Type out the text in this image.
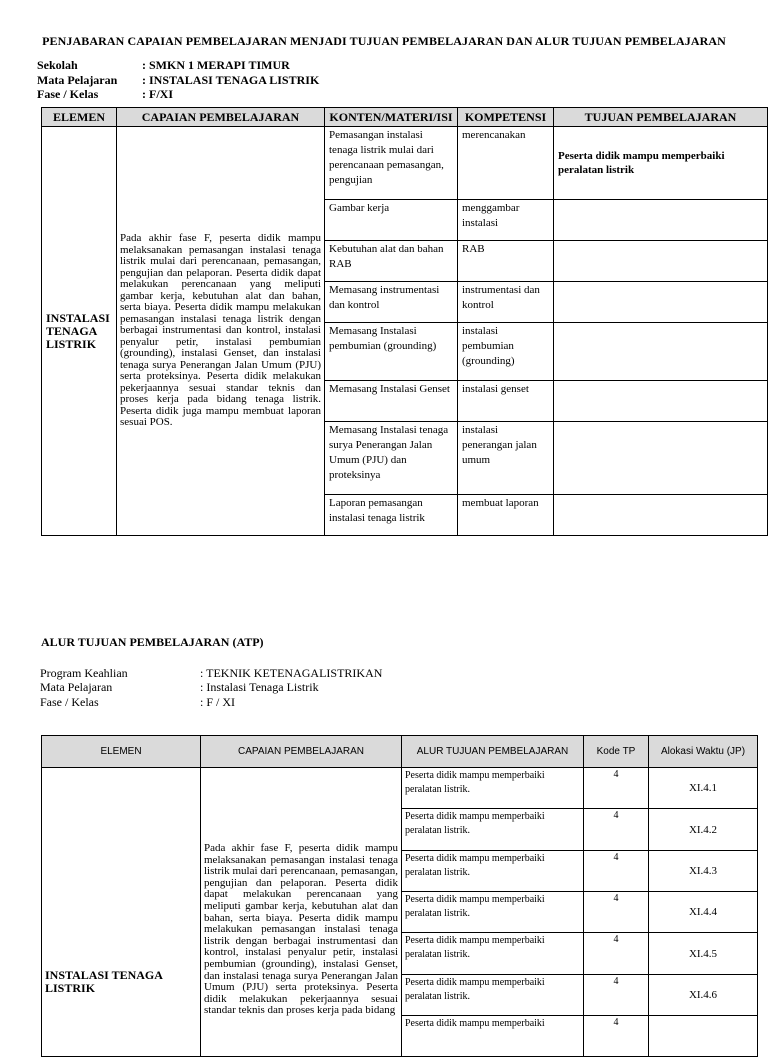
PENJABARAN CAPAIAN PEMBELAJARAN MENJADI TUJUAN PEMBELAJARAN DAN ALUR TUJUAN PEMBELAJARAN
Sekolah	: SMKN 1 MERAPI TIMUR
Mata Pelajaran	: INSTALASI TENAGA LISTRIK
Fase / Kelas	: F/XI
ELEMEN	CAPAIAN PEMBELAJARAN	KONTEN/MATERI/ISI	KOMPETENSI	TUJUAN PEMBELAJARAN
INSTALASI TENAGA LISTRIK	Pada akhir fase F, peserta didik mampu melaksanakan pemasangan instalasi tenaga listrik mulai dari perencanaan, pemasangan, pengujian dan pelaporan. Peserta didik dapat melakukan perencanaan yang meliputi gambar kerja, kebutuhan alat dan bahan, serta biaya. Peserta didik mampu melakukan pemasangan instalasi tenaga listrik dengan berbagai instrumentasi dan kontrol, instalasi penyalur petir, instalasi pembumian (grounding), instalasi Genset, dan instalasi tenaga surya Penerangan Jalan Umum (PJU) serta proteksinya. Peserta didik melakukan pekerjaannya sesuai standar teknis dan proses kerja pada bidang tenaga listrik. Peserta didik juga mampu membuat laporan sesuai POS.	Pemasangan instalasi tenaga listrik mulai dari perencanaan pemasangan, pengujian	merencanakan	Peserta didik mampu memperbaiki peralatan listrik
		Gambar kerja	menggambar instalasi	
		Kebutuhan alat dan bahan RAB	RAB	
		Memasang instrumentasi dan kontrol	instrumentasi dan kontrol	
		Memasang Instalasi pembumian (grounding)	instalasi pembumian (grounding)	
		Memasang Instalasi Genset	instalasi genset	
		Memasang Instalasi tenaga surya Penerangan Jalan Umum (PJU) dan proteksinya	instalasi penerangan jalan umum	
		Laporan pemasangan instalasi tenaga listrik	membuat laporan	
ALUR TUJUAN PEMBELAJARAN (ATP)
Program Keahlian	: TEKNIK KETENAGALISTRIKAN
Mata Pelajaran	: Instalasi Tenaga Listrik
Fase / Kelas	: F / XI
ELEMEN	CAPAIAN PEMBELAJARAN	ALUR TUJUAN PEMBELAJARAN	Kode TP	Alokasi Waktu (JP)
INSTALASI TENAGA LISTRIK	Pada akhir fase F, peserta didik mampu melaksanakan pemasangan instalasi tenaga listrik mulai dari perencanaan, pemasangan, pengujian dan pelaporan. Peserta didik dapat melakukan perencanaan yang meliputi gambar kerja, kebutuhan alat dan bahan, serta biaya. Peserta didik mampu melakukan pemasangan instalasi tenaga listrik dengan berbagai instrumentasi dan kontrol, instalasi penyalur petir, instalasi pembumian (grounding), instalasi Genset, dan instalasi tenaga surya Penerangan Jalan Umum (PJU) serta proteksinya. Peserta didik melakukan pekerjaannya sesuai standar teknis dan proses kerja pada bidang	Peserta didik mampu memperbaiki peralatan listrik.	4	XI.4.1
		Peserta didik mampu memperbaiki peralatan listrik.	4	XI.4.2
		Peserta didik mampu memperbaiki peralatan listrik.	4	XI.4.3
		Peserta didik mampu memperbaiki peralatan listrik.	4	XI.4.4
		Peserta didik mampu memperbaiki peralatan listrik.	4	XI.4.5
		Peserta didik mampu memperbaiki peralatan listrik.	4	XI.4.6
		Peserta didik mampu memperbaiki	4	
